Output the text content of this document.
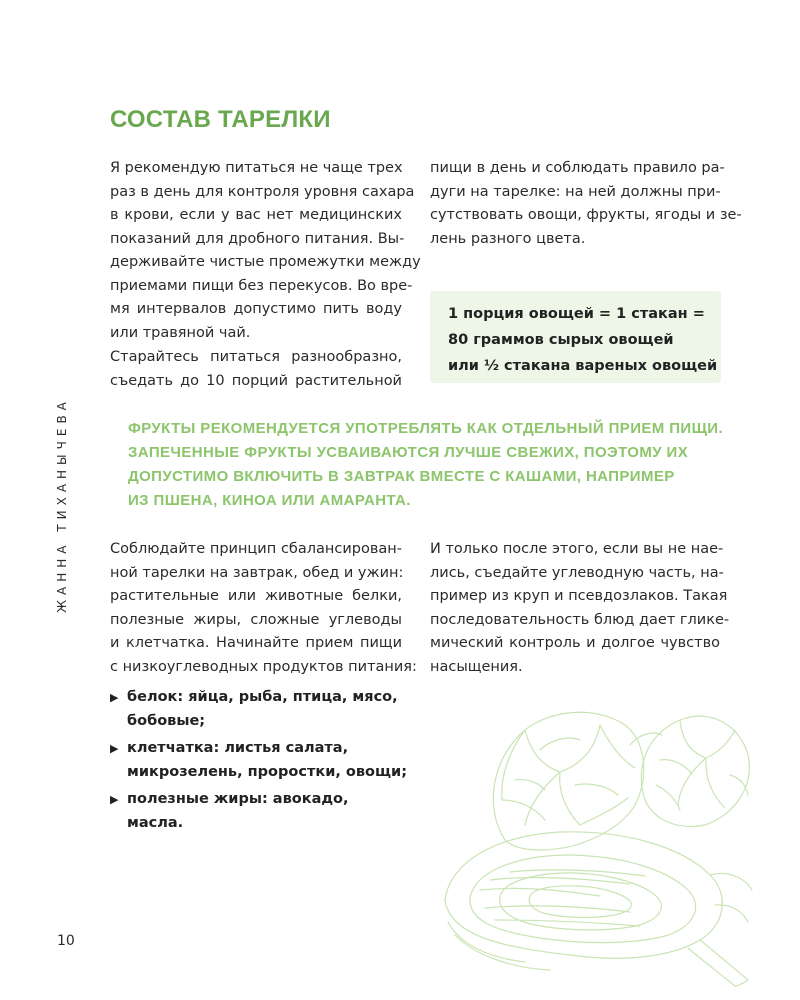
СОСТАВ ТАРЕЛКИ
Я рекомендую питаться не чаще трех
раз в день для контроля уровня сахара
в крови, если у вас нет медицинских
показаний для дробного питания. Вы-
держивайте чистые промежутки между
приемами пищи без перекусов. Во вре-
мя интервалов допустимо пить воду
или травяной чай.
Старайтесь питаться разнообразно,
съедать до 10 порций растительной
пищи в день и соблюдать правило ра-
дуги на тарелке: на ней должны при-
сутствовать овощи, фрукты, ягоды и зе-
лень разного цвета.
1 порция овощей = 1 стакан =
80 граммов сырых овощей
или ½ стакана вареных овощей
ФРУКТЫ РЕКОМЕНДУЕТСЯ УПОТРЕБЛЯТЬ КАК ОТДЕЛЬНЫЙ ПРИЕМ ПИЩИ.
ЗАПЕЧЕННЫЕ ФРУКТЫ УСВАИВАЮТСЯ ЛУЧШЕ СВЕЖИХ, ПОЭТОМУ ИХ
ДОПУСТИМО ВКЛЮЧИТЬ В ЗАВТРАК ВМЕСТЕ С КАШАМИ, НАПРИМЕР
ИЗ ПШЕНА, КИНОА ИЛИ АМАРАНТА.
Соблюдайте принцип сбалансирован-
ной тарелки на завтрак, обед и ужин:
растительные или животные белки,
полезные жиры, сложные углеводы
и клетчатка. Начинайте прием пищи
с низкоуглеводных продуктов питания:
И только после этого, если вы не нае-
лись, съедайте углеводную часть, на-
пример из круп и псевдозлаков. Такая
последовательность блюд дает глике-
мический контроль и долгое чувство
насыщения.
▶ белок: яйца, рыба, птица, мясо,
бобовые;
▶ клетчатка: листья салата,
микрозелень, проростки, овощи;
▶ полезные жиры: авокадо,
масла.
ЖАННА ТИХАНЫЧЕВА
10
